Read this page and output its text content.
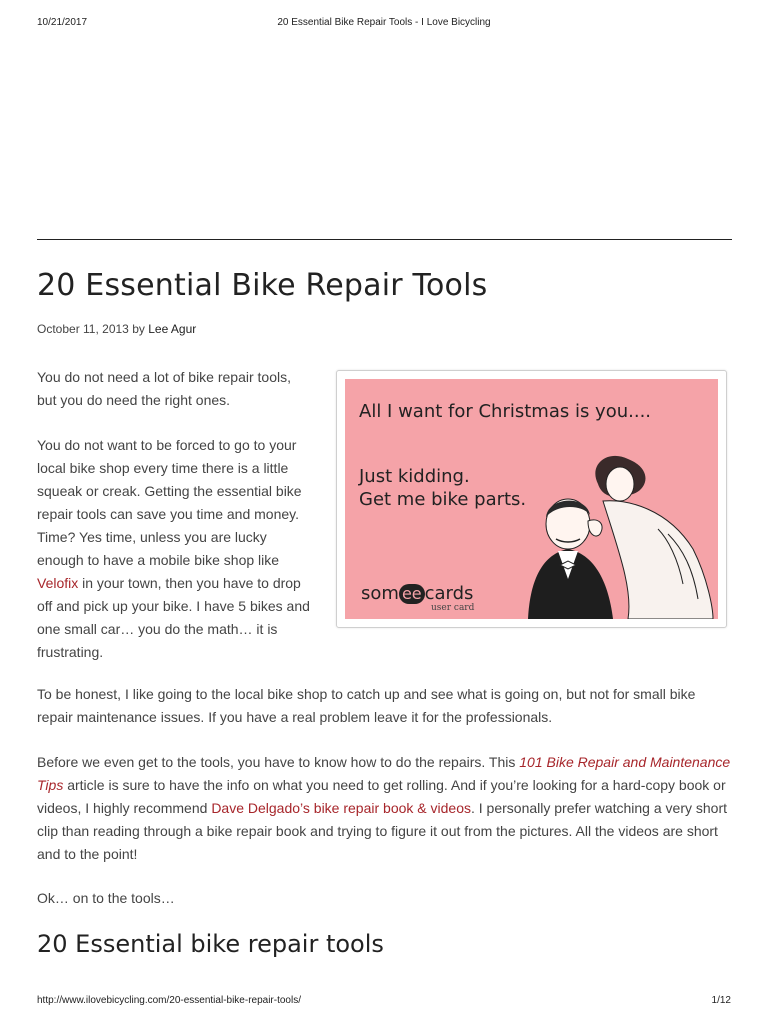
10/21/2017	20 Essential Bike Repair Tools - I Love Bicycling
20 Essential Bike Repair Tools
October 11, 2013 by Lee Agur

You do not need a lot of bike repair tools, but you do need the right ones.

You do not want to be forced to go to your local bike shop every time there is a little squeak or creak. Getting the essential bike repair tools can save you time and money. Time? Yes time, unless you are lucky enough to have a mobile bike shop like Velofix in your town, then you have to drop off and pick up your bike. I have 5 bikes and one small car… you do the math… it is frustrating.

All I want for Christmas is you....
Just kidding.
Get me bike parts.
som ee cards
user card

To be honest, I like going to the local bike shop to catch up and see what is going on, but not for small bike repair maintenance issues. If you have a real problem leave it for the professionals.

Before we even get to the tools, you have to know how to do the repairs. This 101 Bike Repair and Maintenance Tips article is sure to have the info on what you need to get rolling. And if you’re looking for a hard-copy book or videos, I highly recommend Dave Delgado’s bike repair book & videos. I personally prefer watching a very short clip than reading through a bike repair book and trying to figure it out from the pictures. All the videos are short and to the point!

Ok… on to the tools…

20 Essential bike repair tools
http://www.ilovebicycling.com/20-essential-bike-repair-tools/	1/12
